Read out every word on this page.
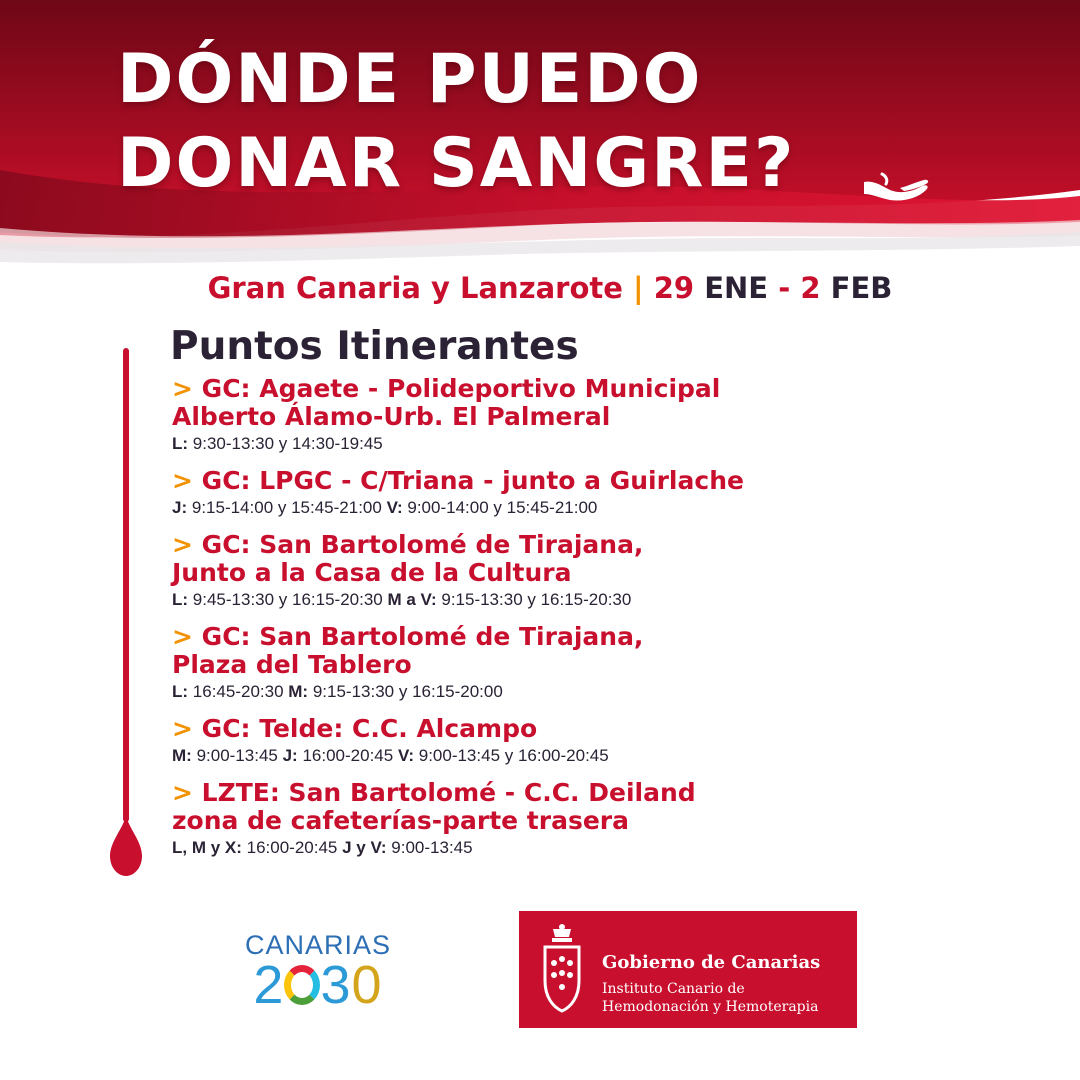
DÓNDE PUEDO
DONAR SANGRE?
Gran Canaria y Lanzarote | 29 ENE - 2 FEB
Puntos Itinerantes
> GC: Agaete - Polideportivo Municipal
Alberto Álamo-Urb. El Palmeral
L: 9:30-13:30 y 14:30-19:45
> GC: LPGC - C/Triana - junto a Guirlache
J: 9:15-14:00 y 15:45-21:00 V: 9:00-14:00 y 15:45-21:00
> GC: San Bartolomé de Tirajana,
Junto a la Casa de la Cultura
L: 9:45-13:30 y 16:15-20:30 M a V: 9:15-13:30 y 16:15-20:30
> GC: San Bartolomé de Tirajana,
Plaza del Tablero
L: 16:45-20:30 M: 9:15-13:30 y 16:15-20:00
> GC: Telde: C.C. Alcampo
M: 9:00-13:45 J: 16:00-20:45 V: 9:00-13:45 y 16:00-20:45
> LZTE: San Bartolomé - C.C. Deiland
zona de cafeterías-parte trasera
L, M y X: 16:00-20:45 J y V: 9:00-13:45
CANARIAS
2 30	Gobierno de Canarias
Instituto Canario de
Hemodonación y Hemoterapia
